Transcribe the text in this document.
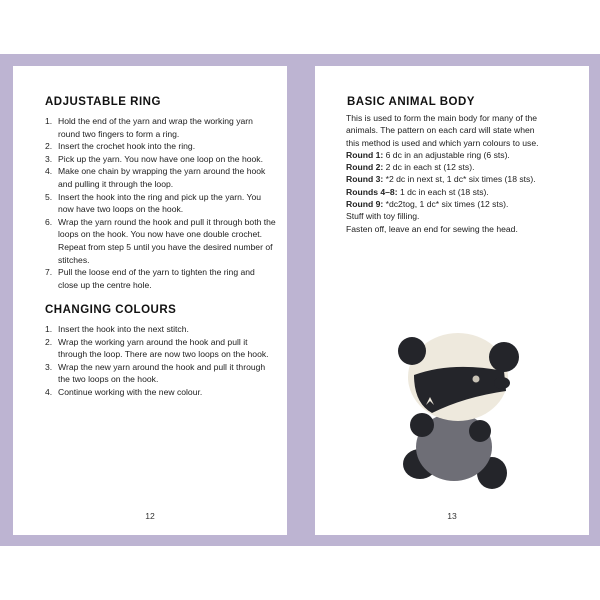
ADJUSTABLE RING
1. Hold the end of the yarn and wrap the working yarn round two fingers to form a ring.
2. Insert the crochet hook into the ring.
3. Pick up the yarn. You now have one loop on the hook.
4. Make one chain by wrapping the yarn around the hook and pulling it through the loop.
5. Insert the hook into the ring and pick up the yarn. You now have two loops on the hook.
6. Wrap the yarn round the hook and pull it through both the loops on the hook. You now have one double crochet. Repeat from step 5 until you have the desired number of stitches.
7. Pull the loose end of the yarn to tighten the ring and close up the centre hole.
CHANGING COLOURS
1. Insert the hook into the next stitch.
2. Wrap the working yarn around the hook and pull it through the loop. There are now two loops on the hook.
3. Wrap the new yarn around the hook and pull it through the two loops on the hook.
4. Continue working with the new colour.
12
BASIC ANIMAL BODY
This is used to form the main body for many of the
animals. The pattern on each card will state when
this method is used and which yarn colours to use.
Round 1: 6 dc in an adjustable ring (6 sts).
Round 2: 2 dc in each st (12 sts).
Round 3: *2 dc in next st, 1 dc* six times (18 sts).
Rounds 4–8: 1 dc in each st (18 sts).
Round 9: *dc2tog, 1 dc* six times (12 sts).
Stuff with toy filling.
Fasten off, leave an end for sewing the head.
13
